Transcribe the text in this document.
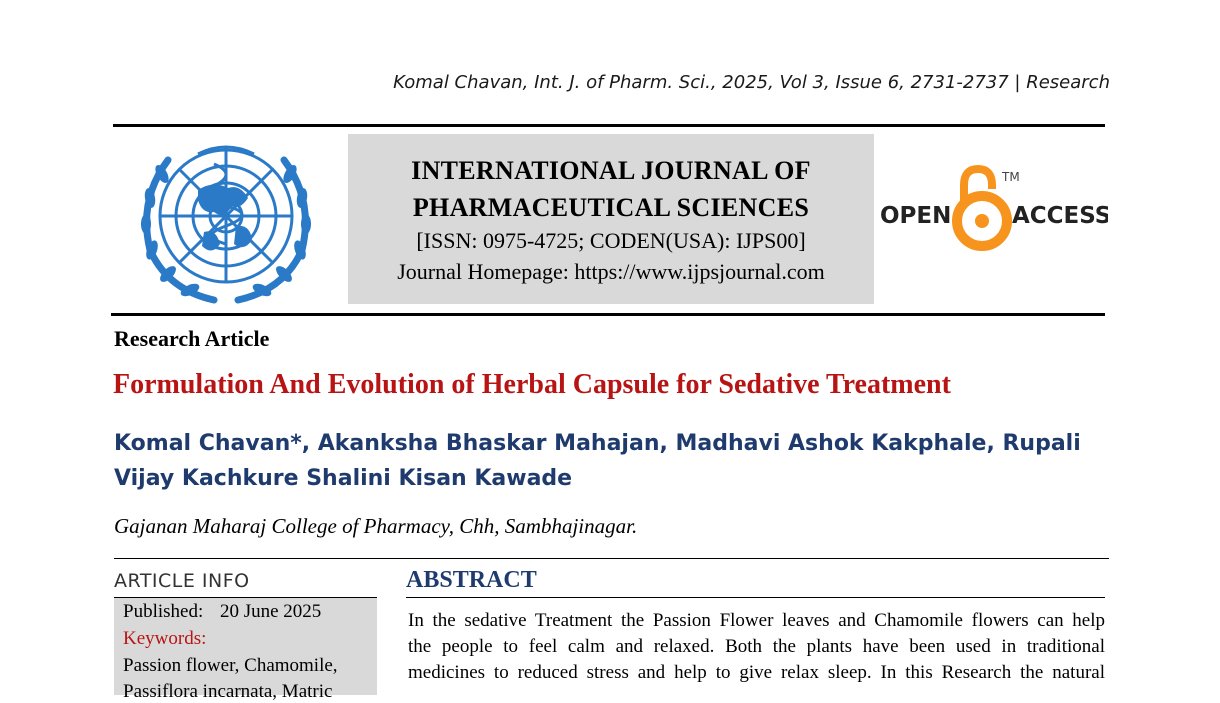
Komal Chavan, Int. J. of Pharm. Sci., 2025, Vol 3, Issue 6, 2731-2737 | Research
INTERNATIONAL JOURNAL OF
PHARMACEUTICAL SCIENCES
[ISSN: 0975-4725; CODEN(USA): IJPS00]
Journal Homepage: https://www.ijpsjournal.com
OPEN	ACCESS
TM
Research Article
Formulation And Evolution of Herbal Capsule for Sedative Treatment
Komal Chavan*, Akanksha Bhaskar Mahajan, Madhavi Ashok Kakphale, Rupali
Vijay Kachkure Shalini Kisan Kawade
Gajanan Maharaj College of Pharmacy, Chh, Sambhajinagar.
ARTICLE INFO
Published: 20 June 2025
Keywords:
Passion flower, Chamomile,
Passiflora incarnata, Matric
ABSTRACT
In the sedative Treatment the Passion Flower leaves and Chamomile flowers can help
the people to feel calm and relaxed. Both the plants have been used in traditional
medicines to reduced stress and help to give relax sleep. In this Research the natural
